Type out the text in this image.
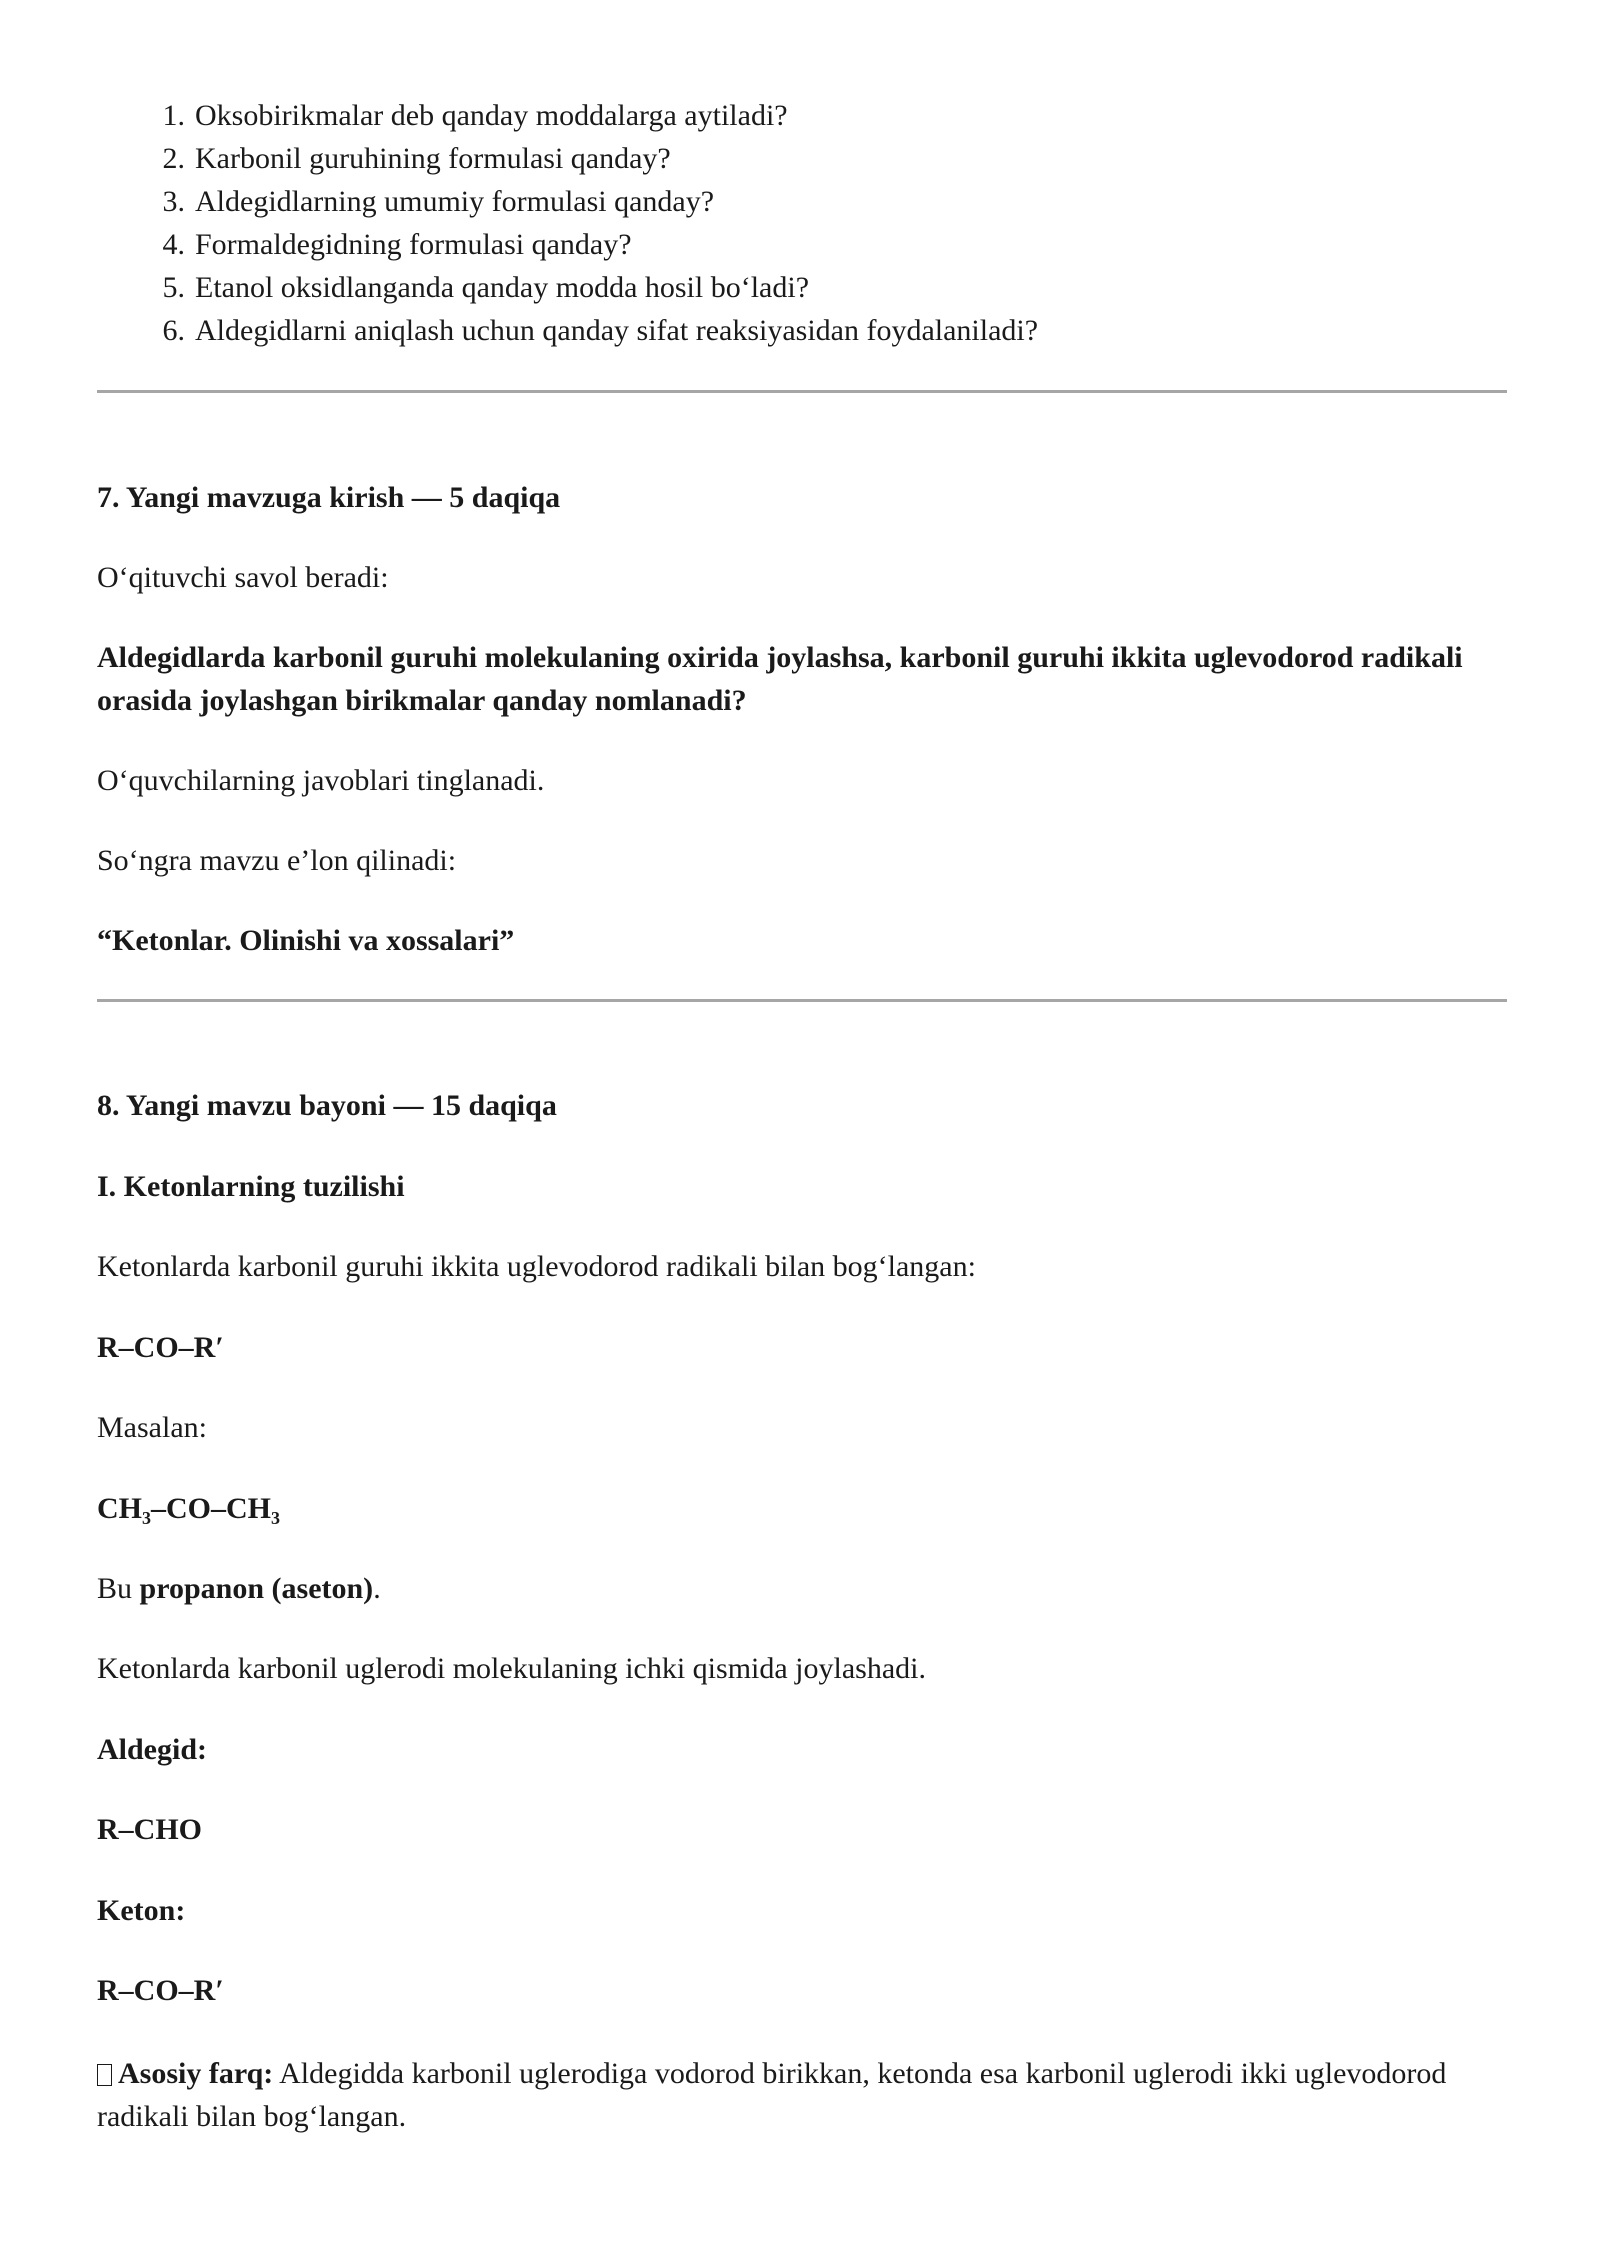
1. Oksobirikmalar deb qanday moddalarga aytiladi?
2. Karbonil guruhining formulasi qanday?
3. Aldegidlarning umumiy formulasi qanday?
4. Formaldegidning formulasi qanday?
5. Etanol oksidlanganda qanday modda hosil bo‘ladi?
6. Aldegidlarni aniqlash uchun qanday sifat reaksiyasidan foydalaniladi?

7. Yangi mavzuga kirish — 5 daqiqa

O‘qituvchi savol beradi:

Aldegidlarda karbonil guruhi molekulaning oxirida joylashsa, karbonil guruhi ikkita uglevodorod radikali orasida joylashgan birikmalar qanday nomlanadi?

O‘quvchilarning javoblari tinglanadi.

So‘ngra mavzu e’lon qilinadi:

“Ketonlar. Olinishi va xossalari”

8. Yangi mavzu bayoni — 15 daqiqa

I. Ketonlarning tuzilishi

Ketonlarda karbonil guruhi ikkita uglevodorod radikali bilan bog‘langan:

R–CO–R′

Masalan:

$CH_3-CO-CH_3$

Bu propanon (aseton).

Ketonlarda karbonil uglerodi molekulaning ichki qismida joylashadi.

Aldegid:

R–CHO

Keton:

R–CO–R′

Asosiy farq: Aldegidda karbonil uglerodiga vodorod birikkan, ketonda esa karbonil uglerodi ikki uglevodorod radikali bilan bog‘langan.
